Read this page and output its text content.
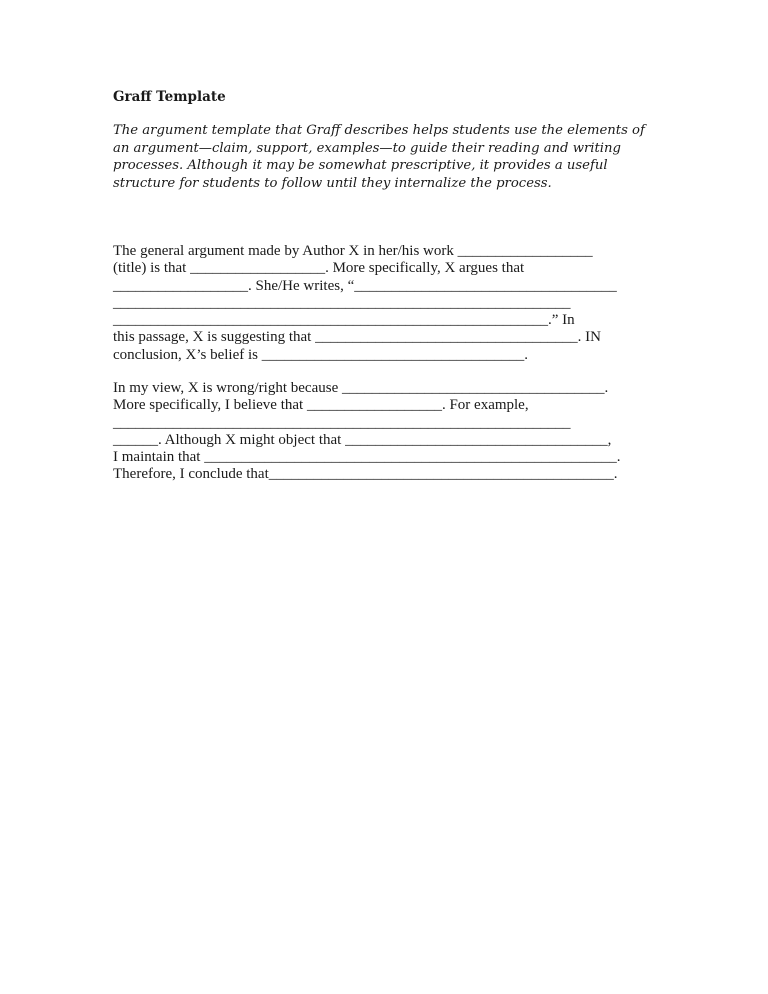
Graff Template
The argument template that Graff describes helps students use the elements of
an argument—claim, support, examples—to guide their reading and writing
processes. Although it may be somewhat prescriptive, it provides a useful
structure for students to follow until they internalize the process.
The general argument made by Author X in her/his work __________________
(title) is that __________________. More specifically, X argues that
__________________. She/He writes, “___________________________________
_____________________________________________________________
__________________________________________________________.” In
this passage, X is suggesting that ___________________________________. IN
conclusion, X’s belief is ___________________________________.
In my view, X is wrong/right because ___________________________________.
More specifically, I believe that __________________. For example,
_____________________________________________________________
______. Although X might object that ___________________________________,
I maintain that _______________________________________________________.
Therefore, I conclude that______________________________________________.
